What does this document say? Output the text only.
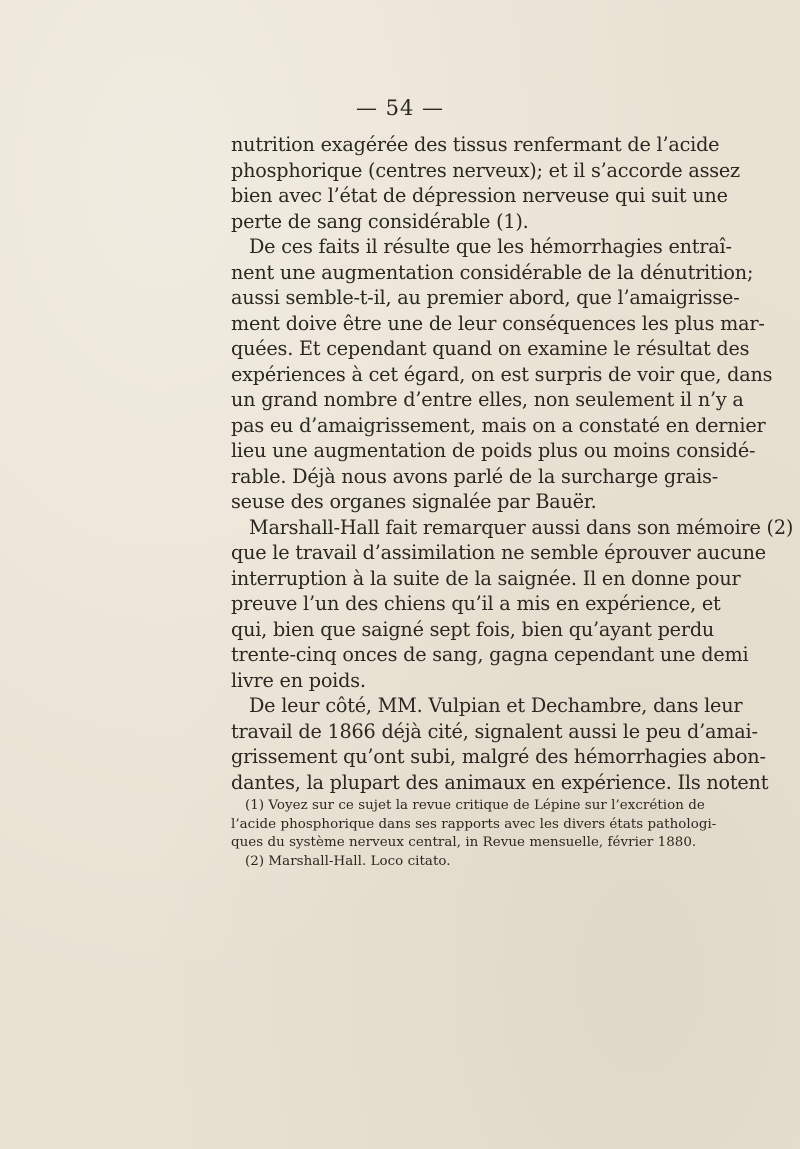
— 54 —
nutrition exagérée des tissus renfermant de l’acide
phosphorique (centres nerveux); et il s’accorde assez
bien avec l’état de dépression nerveuse qui suit une
perte de sang considérable (1).
De ces faits il résulte que les hémorrhagies entraî-
nent une augmentation considérable de la dénutrition;
aussi semble-t-il, au premier abord, que l’amaigrisse-
ment doive être une de leur conséquences les plus mar-
quées. Et cependant quand on examine le résultat des
expériences à cet égard, on est surpris de voir que, dans
un grand nombre d’entre elles, non seulement il n’y a
pas eu d’amaigrissement, mais on a constaté en dernier
lieu une augmentation de poids plus ou moins considé-
rable. Déjà nous avons parlé de la surcharge grais-
seuse des organes signalée par Bauër.
Marshall-Hall fait remarquer aussi dans son mémoire (2)
que le travail d’assimilation ne semble éprouver aucune
interruption à la suite de la saignée. Il en donne pour
preuve l’un des chiens qu’il a mis en expérience, et
qui, bien que saigné sept fois, bien qu’ayant perdu
trente-cinq onces de sang, gagna cependant une demi
livre en poids.
De leur côté, MM. Vulpian et Dechambre, dans leur
travail de 1866 déjà cité, signalent aussi le peu d’amai-
grissement qu’ont subi, malgré des hémorrhagies abon-
dantes, la plupart des animaux en expérience. Ils notent
(1) Voyez sur ce sujet la revue critique de Lépine sur l’excrétion de
l’acide phosphorique dans ses rapports avec les divers états pathologi-
ques du système nerveux central, in Revue mensuelle, février 1880.
(2) Marshall-Hall. Loco citato.
